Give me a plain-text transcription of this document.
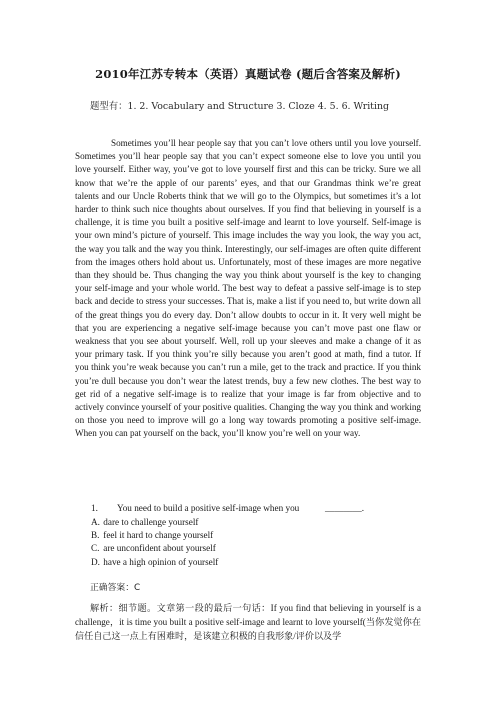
2010年江苏专转本（英语）真题试卷 (题后含答案及解析)
题型有：1. 2. Vocabulary and Structure 3. Cloze 4. 5. 6. Writing

Sometimes you’ll hear people say that you can’t love others until you love yourself. Sometimes you’ll hear people say that you can’t expect someone else to love you until you love yourself. Either way, you’ve got to love yourself first and this can be tricky. Sure we all know that we’re the apple of our parents’ eyes, and that our Grandmas think we’re great talents and our Uncle Roberts think that we will go to the Olympics, but sometimes it’s a lot harder to think such nice thoughts about ourselves. If you find that believing in yourself is a challenge, it is time you built a positive self-image and learnt to love yourself. Self-image is your own mind’s picture of yourself. This image includes the way you look, the way you act, the way you talk and the way you think. Interestingly, our self-images are often quite different from the images others hold about us. Unfortunately, most of these images are more negative than they should be. Thus changing the way you think about yourself is the key to changing your self-image and your whole world. The best way to defeat a passive self-image is to step back and decide to stress your successes. That is, make a list if you need to, but write down all of the great things you do every day. Don’t allow doubts to occur in it. It very well might be that you are experiencing a negative self-image because you can’t move past one flaw or weakness that you see about yourself. Well, roll up your sleeves and make a change of it as your primary task. If you think you’re silly because you aren’t good at math, find a tutor. If you think you’re weak because you can’t run a mile, get to the track and practice. If you think you’re dull because you don’t wear the latest trends, buy a few new clothes. The best way to get rid of a negative self-image is to realize that your image is far from objective and to actively convince yourself of your positive qualities. Changing the way you think and working on those you need to improve will go a long way towards promoting a positive self-image. When you can pat yourself on the back, you’ll know you’re well on your way.

1. You need to build a positive self-image when you	________.
A. dare to challenge yourself
B. feel it hard to change yourself
C. are unconfident about yourself
D. have a high opinion of yourself
正确答案：C

解析：细节题。文章第一段的最后一句话：If you find that believing in yourself is a challenge，it is time you built a positive self-image and learnt to love yourself(当你发觉你在信任自己这一点上有困难时，是该建立积极的自我形象/评价以及学
